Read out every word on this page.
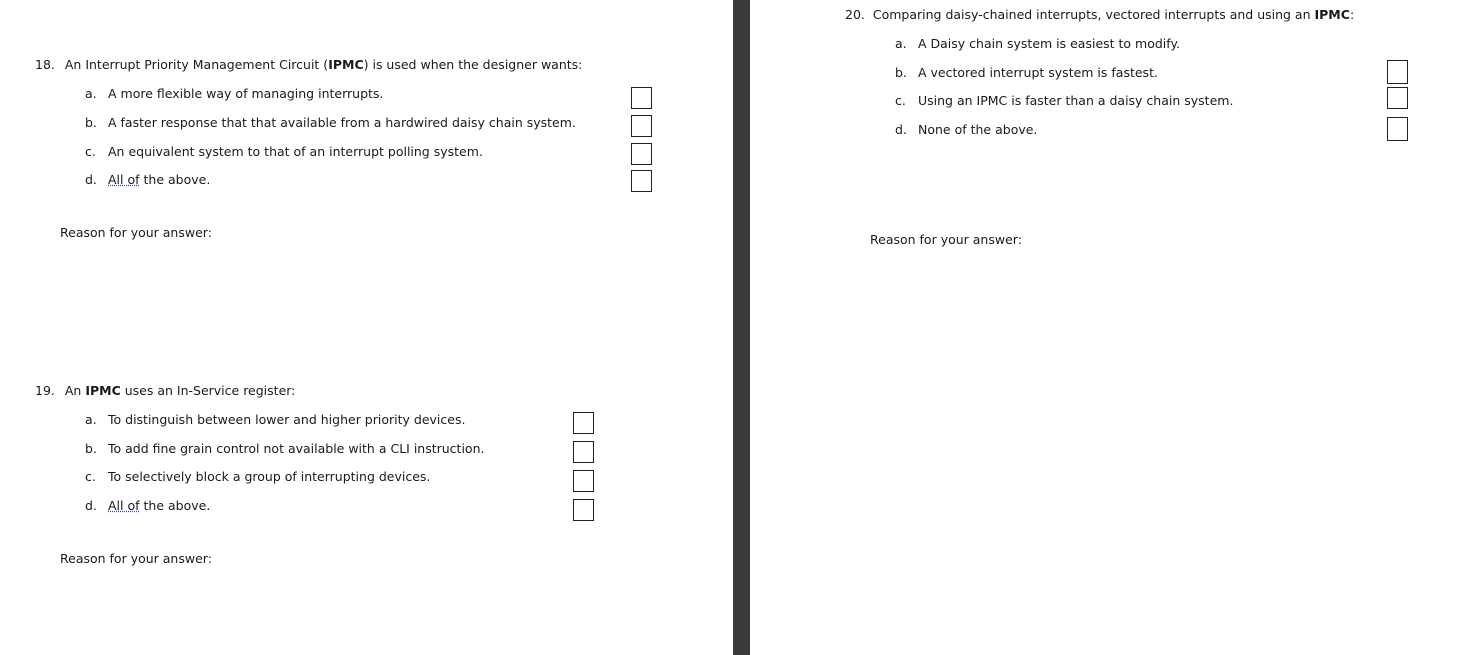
18. An Interrupt Priority Management Circuit (IPMC) is used when the designer wants:
a. A more flexible way of managing interrupts.
b. A faster response that that available from a hardwired daisy chain system.
c. An equivalent system to that of an interrupt polling system.
d. All of the above.
Reason for your answer:
19. An IPMC uses an In-Service register:
a. To distinguish between lower and higher priority devices.
b. To add fine grain control not available with a CLI instruction.
c. To selectively block a group of interrupting devices.
d. All of the above.
Reason for your answer:
20. Comparing daisy-chained interrupts, vectored interrupts and using an IPMC:
a. A Daisy chain system is easiest to modify.
b. A vectored interrupt system is fastest.
c. Using an IPMC is faster than a daisy chain system.
d. None of the above.
Reason for your answer:
